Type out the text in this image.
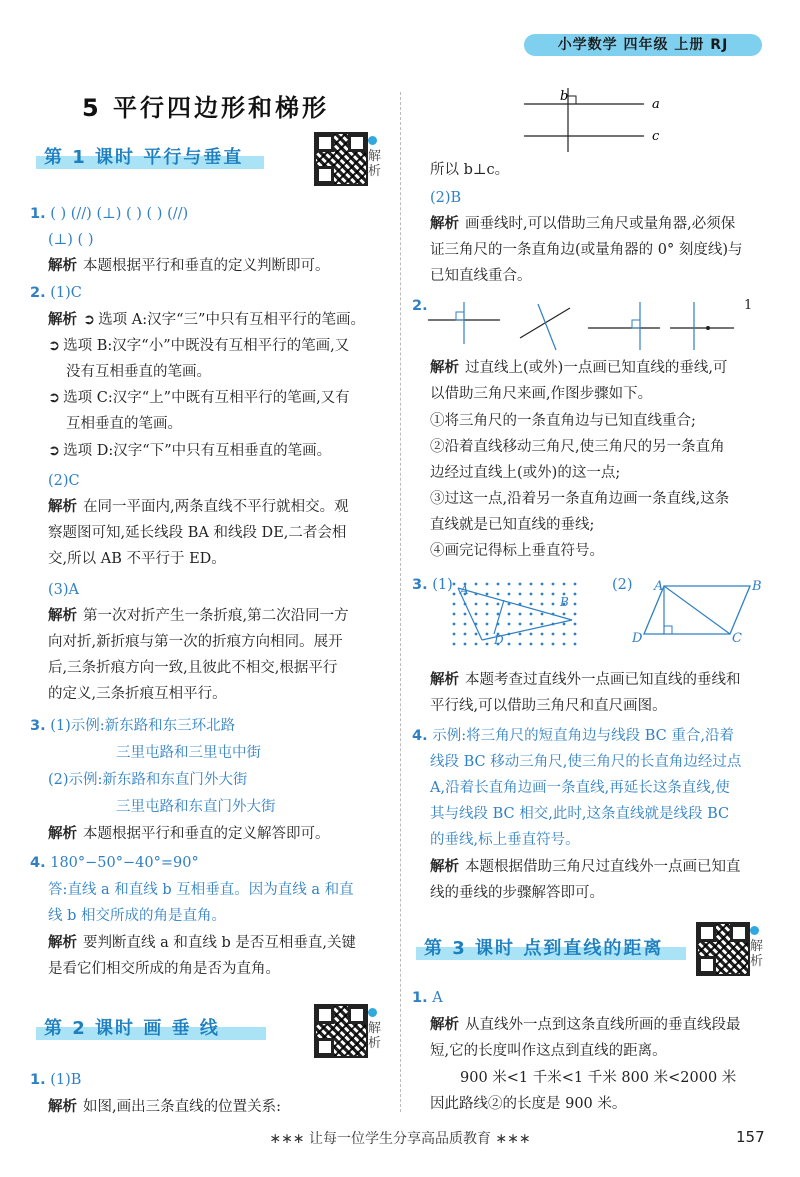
小学数学 四年级 上册 RJ
5 平行四边形和梯形
第 1 课时 平行与垂直	解析
1. ( ) (//) (⊥) ( ) ( ) (//)
(⊥) ( )
解析 本题根据平行和垂直的定义判断即可。
2. (1)C
解析 ➲ 选项 A:汉字“三”中只有互相平行的笔画。
➲ 选项 B:汉字“小”中既没有互相平行的笔画,又
没有互相垂直的笔画。
➲ 选项 C:汉字“上”中既有互相平行的笔画,又有
互相垂直的笔画。
➲ 选项 D:汉字“下”中只有互相垂直的笔画。
(2)C
解析 在同一平面内,两条直线不平行就相交。观
察题图可知,延长线段 BA 和线段 DE,二者会相
交,所以 AB 不平行于 ED。
(3)A
解析 第一次对折产生一条折痕,第二次沿同一方
向对折,新折痕与第一次的折痕方向相同。展开
后,三条折痕方向一致,且彼此不相交,根据平行
的定义,三条折痕互相平行。
3. (1)示例:新东路和东三环北路
三里屯路和三里屯中街
(2)示例:新东路和东直门外大街
三里屯路和东直门外大街
解析 本题根据平行和垂直的定义解答即可。
4. 180°−50°−40°=90°
答:直线 a 和直线 b 互相垂直。因为直线 a 和直
线 b 相交所成的角是直角。
解析 要判断直线 a 和直线 b 是否互相垂直,关键
是看它们相交所成的角是否为直角。
第 2 课时 画 垂 线	解析
1. (1)B
解析 如图,画出三条直线的位置关系:
b
a
c
所以 b⊥c。
(2)B
解析 画垂线时,可以借助三角尺或量角器,必须保
证三角尺的一条直角边(或量角器的 0° 刻度线)与
已知直线重合。
2.	1
解析 过直线上(或外)一点画已知直线的垂线,可
以借助三角尺来画,作图步骤如下。
①将三角尺的一条直角边与已知直线重合;
②沿着直线移动三角尺,使三角尺的另一条直角
边经过直线上(或外)的这一点;
③过这一点,沿着另一条直角边画一条直线,这条
直线就是已知直线的垂线;
④画完记得标上垂直符号。
3. (1)	(2)
A
B
D
A	B
C
D
解析 本题考查过直线外一点画已知直线的垂线和
平行线,可以借助三角尺和直尺画图。
4. 示例:将三角尺的短直角边与线段 BC 重合,沿着
线段 BC 移动三角尺,使三角尺的长直角边经过点
A,沿着长直角边画一条直线,再延长这条直线,使
其与线段 BC 相交,此时,这条直线就是线段 BC
的垂线,标上垂直符号。
解析 本题根据借助三角尺过直线外一点画已知直
线的垂线的步骤解答即可。
第 3 课时 点到直线的距离	解析
1. A
解析 从直线外一点到这条直线所画的垂直线段最
短,它的长度叫作这点到直线的距离。
900 米<1 千米<1 千米 800 米<2000 米
因此路线②的长度是 900 米。
∗∗∗ 让每一位学生分享高品质教育 ∗∗∗	157
